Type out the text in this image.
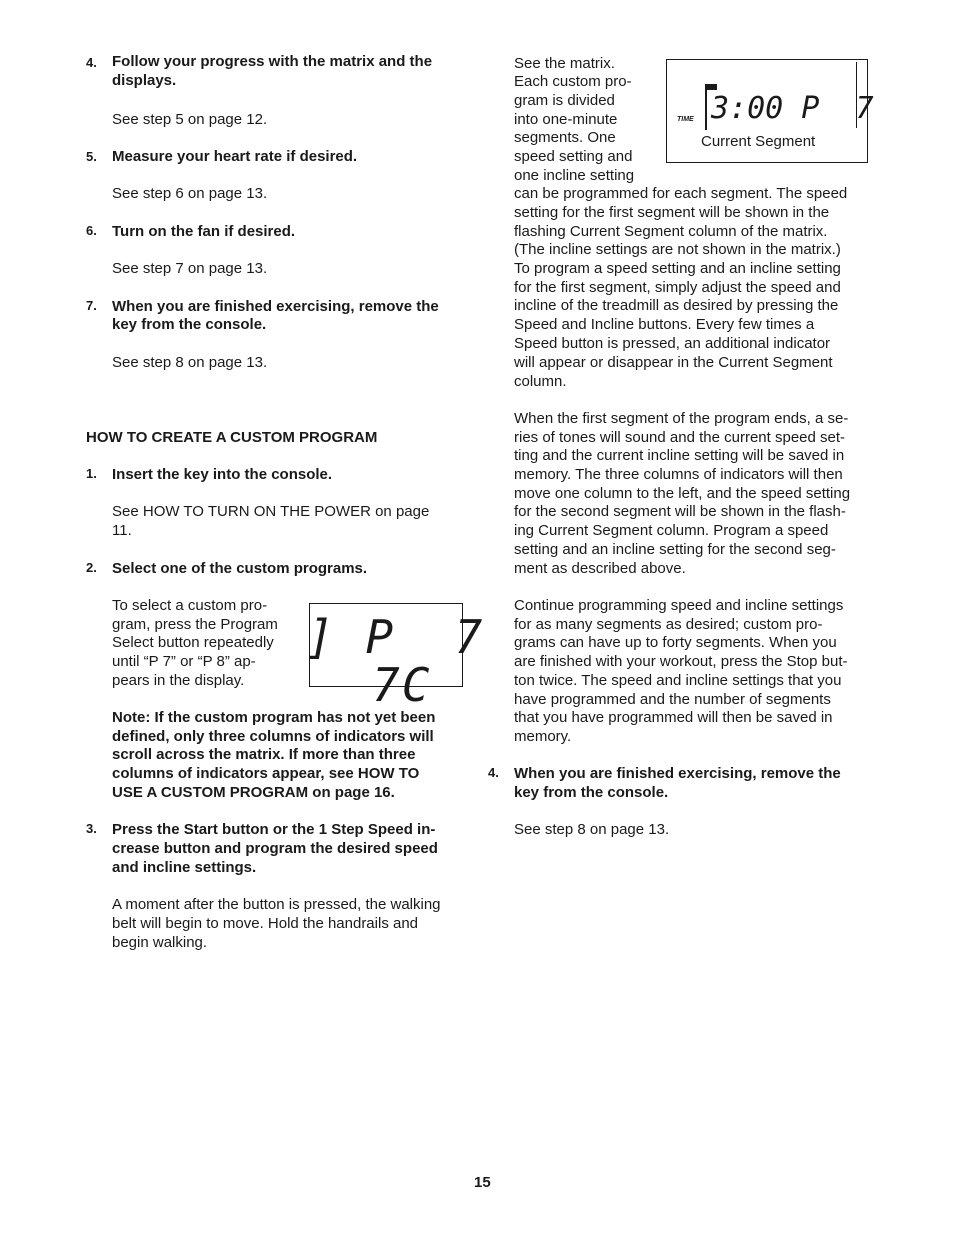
4. Follow your progress with the matrix and the

displays.

See step 5 on page 12.

5. Measure your heart rate if desired.

See step 6 on page 13.

6. Turn on the fan if desired.

See step 7 on page 13.

7. When you are finished exercising, remove the

key from the console.

See step 8 on page 13.

HOW TO CREATE A CUSTOM PROGRAM

1. Insert the key into the console.

See HOW TO TURN ON THE POWER on page

11.

2. Select one of the custom programs.

To select a custom pro-

gram, press the Program

Select button repeatedly

until “P 7” or “P 8” ap-

pears in the display.

] P  7
7C

Note: If the custom program has not yet been

defined, only three columns of indicators will

scroll across the matrix. If more than three

columns of indicators appear, see HOW TO

USE A CUSTOM PROGRAM on page 16.

3. Press the Start button or the 1 Step Speed in-

crease button and program the desired speed

and incline settings.

A moment after the button is pressed, the walking

belt will begin to move. Hold the handrails and

begin walking.

See the matrix.

Each custom pro-

gram is divided

into one-minute

segments. One

speed setting and

one incline setting

TIME 3:00 P  7
Current Segment

can be programmed for each segment. The speed

setting for the first segment will be shown in the

flashing Current Segment column of the matrix.

(The incline settings are not shown in the matrix.)

To program a speed setting and an incline setting

for the first segment, simply adjust the speed and

incline of the treadmill as desired by pressing the

Speed and Incline buttons. Every few times a

Speed button is pressed, an additional indicator

will appear or disappear in the Current Segment

column.

When the first segment of the program ends, a se-

ries of tones will sound and the current speed set-

ting and the current incline setting will be saved in

memory. The three columns of indicators will then

move one column to the left, and the speed setting

for the second segment will be shown in the flash-

ing Current Segment column. Program a speed

setting and an incline setting for the second seg-

ment as described above.

Continue programming speed and incline settings

for as many segments as desired; custom pro-

grams can have up to forty segments. When you

are finished with your workout, press the Stop but-

ton twice. The speed and incline settings that you

have programmed and the number of segments

that you have programmed will then be saved in

memory.

4. When you are finished exercising, remove the

key from the console.

See step 8 on page 13.

15
